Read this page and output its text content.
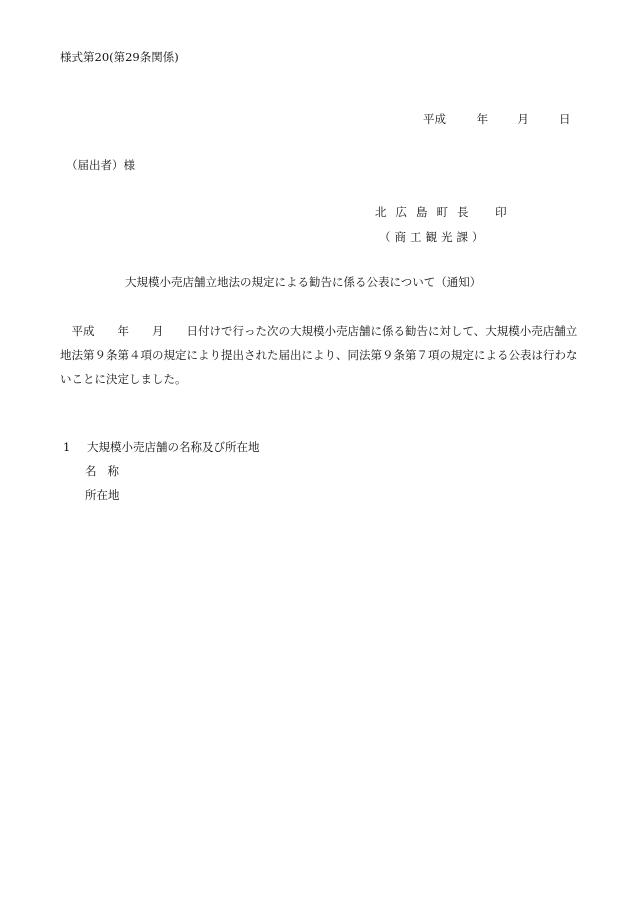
様式第20(第29条関係)
平成	年	月	日
（届出者）様
北広島町長 印
（商工観光課）
大規模小売店舗立地法の規定による勧告に係る公表について（通知）

　平成　　年　　月　　日付けで行った次の大規模小売店舗に係る勧告に対して、大規模小売店舗立地法第９条第４項の規定により提出された届出により、同法第９条第７項の規定による公表は行わないことに決定しました。

1 大規模小売店舗の名称及び所在地
名称
所在地
